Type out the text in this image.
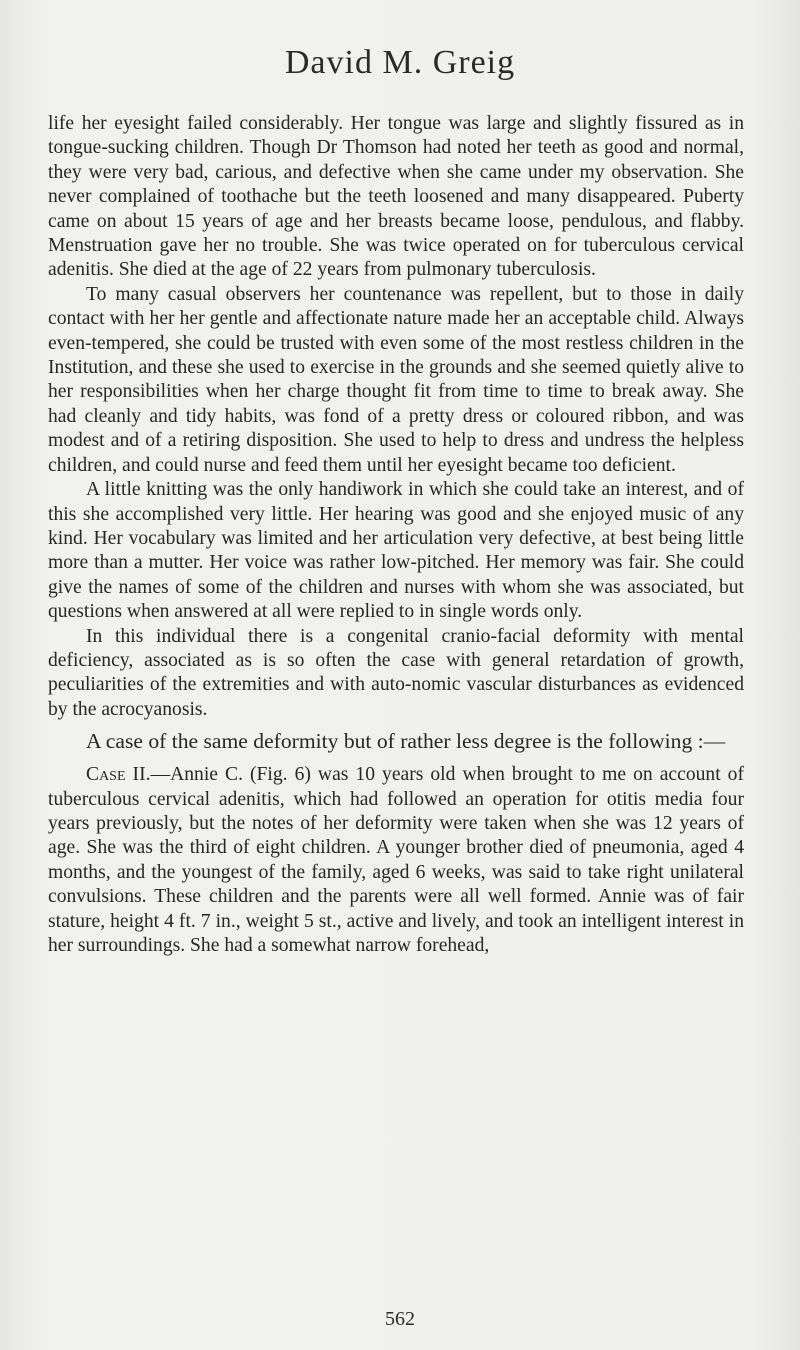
David M. Greig

life her eyesight failed considerably. Her tongue was large and slightly fissured as in tongue-sucking children. Though Dr Thomson had noted her teeth as good and normal, they were very bad, carious, and defective when she came under my observation. She never complained of toothache but the teeth loosened and many disappeared. Puberty came on about 15 years of age and her breasts became loose, pendulous, and flabby. Menstruation gave her no trouble. She was twice operated on for tuberculous cervical adenitis. She died at the age of 22 years from pulmonary tuberculosis.

To many casual observers her countenance was repellent, but to those in daily contact with her her gentle and affectionate nature made her an acceptable child. Always even-tempered, she could be trusted with even some of the most restless children in the Institution, and these she used to exercise in the grounds and she seemed quietly alive to her responsibilities when her charge thought fit from time to time to break away. She had cleanly and tidy habits, was fond of a pretty dress or coloured ribbon, and was modest and of a retiring disposition. She used to help to dress and undress the helpless children, and could nurse and feed them until her eyesight became too deficient.

A little knitting was the only handiwork in which she could take an interest, and of this she accomplished very little. Her hearing was good and she enjoyed music of any kind. Her vocabulary was limited and her articulation very defective, at best being little more than a mutter. Her voice was rather low-pitched. Her memory was fair. She could give the names of some of the children and nurses with whom she was associated, but questions when answered at all were replied to in single words only.

In this individual there is a congenital cranio-facial deformity with mental deficiency, associated as is so often the case with general retardation of growth, peculiarities of the extremities and with auto-nomic vascular disturbances as evidenced by the acrocyanosis.

A case of the same deformity but of rather less degree is the following :—

Case II.—Annie C. (Fig. 6) was 10 years old when brought to me on account of tuberculous cervical adenitis, which had followed an operation for otitis media four years previously, but the notes of her deformity were taken when she was 12 years of age. She was the third of eight children. A younger brother died of pneumonia, aged 4 months, and the youngest of the family, aged 6 weeks, was said to take right unilateral convulsions. These children and the parents were all well formed. Annie was of fair stature, height 4 ft. 7 in., weight 5 st., active and lively, and took an intelligent interest in her surroundings. She had a somewhat narrow forehead,

562
